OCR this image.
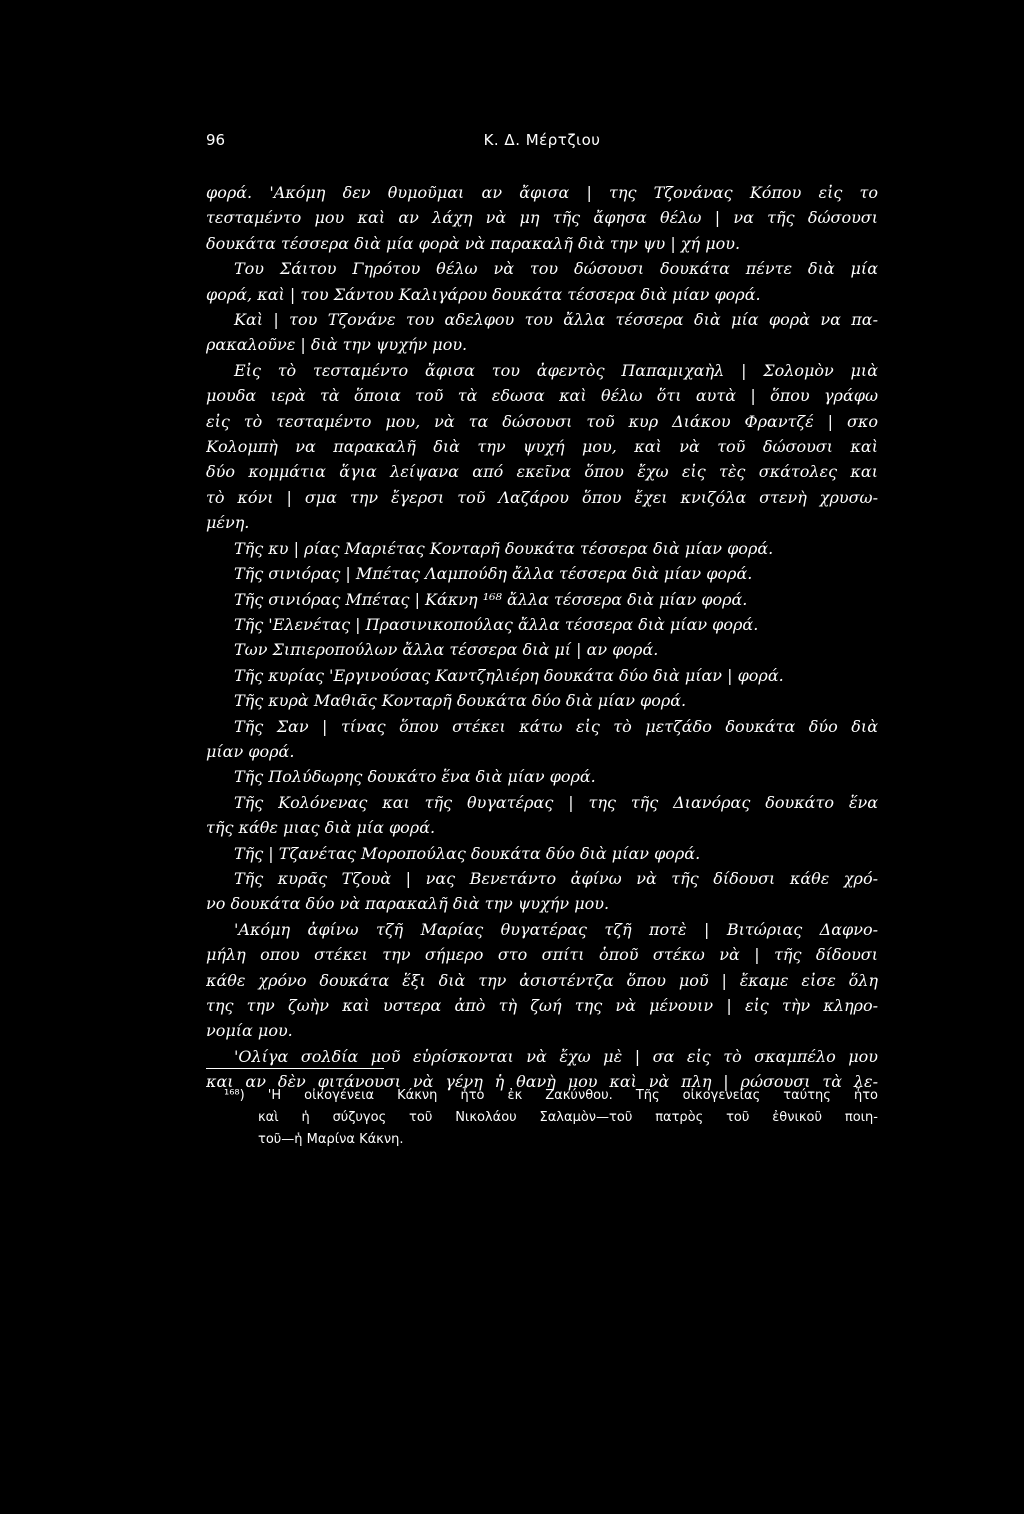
96	Κ. Δ. Μέρτζιου

φορά. 'Ακόμη δεν θυμοῦμαι αν ἄφισα | της Τζονάνας Κόπου εἰς το

τεσταμέντο μου καὶ αν λάχη νὰ μη τῆς ἄφησα θέλω | να τῆς δώσουσι

δουκάτα τέσσερα διὰ μία φορὰ νὰ παρακαλῆ διὰ την ψυ | χή μου.

Του Σάιτου Γηρότου θέλω νὰ του δώσουσι δουκάτα πέντε διὰ μία

φορά, καὶ | του Σάντου Καλιγάρου δουκάτα τέσσερα διὰ μίαν φορά.

Καὶ | του Τζονάνε του αδελφου του ἄλλα τέσσερα διὰ μία φορὰ να πα-

ρακαλοῦνε | διὰ την ψυχήν μου.

Εἰς τὸ τεσταμέντο ἄφισα του ἀφεντὸς Παπαμιχαὴλ | Σολομὸν μιὰ

μουδα ιερὰ τὰ ὅποια τοῦ τὰ εδωσα καὶ θέλω ὅτι αυτὰ | ὅπου γράφω

εἰς τὸ τεσταμέντο μου, νὰ τα δώσουσι τοῦ κυρ Διάκου Φραντζέ | σκο

Κολομπὴ να παρακαλῆ διὰ την ψυχή μου, καὶ νὰ τοῦ δώσουσι καὶ

δύο κομμάτια ἅγια λείψανα από εκεῖνα ὅπου ἔχω εἰς τὲς σκάτολες και

τὸ κόνι | σμα την ἔγερσι τοῦ Λαζάρου ὅπου ἔχει κνιζόλα στενὴ χρυσω-

μένη.

Τῆς κυ | ρίας Μαριέτας Κονταρῆ δουκάτα τέσσερα διὰ μίαν φορά.

Τῆς σινιόρας | Μπέτας Λαμπούδη ἄλλα τέσσερα διὰ μίαν φορά.

Τῆς σινιόρας Μπέτας | Κάκνη ¹⁶⁸ ἄλλα τέσσερα διὰ μίαν φορά.

Τῆς 'Ελενέτας | Πρασινικοπούλας ἄλλα τέσσερα διὰ μίαν φορά.

Των Σιπιεροπούλων ἄλλα τέσσερα διὰ μί | αν φορά.

Τῆς κυρίας 'Εργινούσας Καντζηλιέρη δουκάτα δύο διὰ μίαν | φορά.

Τῆς κυρὰ Μαθιᾶς Κονταρῆ δουκάτα δύο διὰ μίαν φορά.

Τῆς Σαν | τίνας ὅπου στέκει κάτω εἰς τὸ μετζάδο δουκάτα δύο διὰ

μίαν φορά.

Τῆς Πολύδωρης δουκάτο ἕνα διὰ μίαν φορά.

Τῆς Κολόνενας και τῆς θυγατέρας | της τῆς Διανόρας δουκάτο ἕνα

τῆς κάθε μιας διὰ μία φορά.

Τῆς | Τζανέτας Μοροπούλας δουκάτα δύο διὰ μίαν φορά.

Τῆς κυρᾶς Τζουὰ | νας Βενετάντο ἀφίνω νὰ τῆς δίδουσι κάθε χρό-

νο δουκάτα δύο νὰ παρακαλῆ διὰ την ψυχήν μου.

'Ακόμη ἀφίνω τζῆ Μαρίας θυγατέρας τζῆ ποτὲ | Βιτώριας Δαφνο-

μήλη οπου στέκει την σήμερο στο σπίτι ὁποῦ στέκω νὰ | τῆς δίδουσι

κάθε χρόνο δουκάτα ἕξι διὰ την ἀσιστέντζα ὅπου μοῦ | ἔκαμε εἰσε ὅλη

της την ζωὴν καὶ υστερα ἀπὸ τὴ ζωή της νὰ μένουιν | εἰς τὴν κληρο-

νομία μου.

'Ολίγα σολδία μοῦ εὑρίσκονται νὰ ἔχω μὲ | σα εἰς τὸ σκαμπέλο μου

και αν δὲν φιτάνουσι νὰ γένη ἡ θανὴ μου καὶ νὰ πλη | ρώσουσι τὰ λε-

¹⁶⁸) 'Η οἰκογένεια Κάκνη ἦτο ἐκ Ζακύνθου. Τῆς οἰκογενείας ταύτης ἦτο

καὶ ἡ σύζυγος τοῦ Νικολάου Σαλαμὸν—τοῦ πατρὸς τοῦ ἐθνικοῦ ποιη-

τοῦ—ἡ Μαρίνα Κάκνη.
